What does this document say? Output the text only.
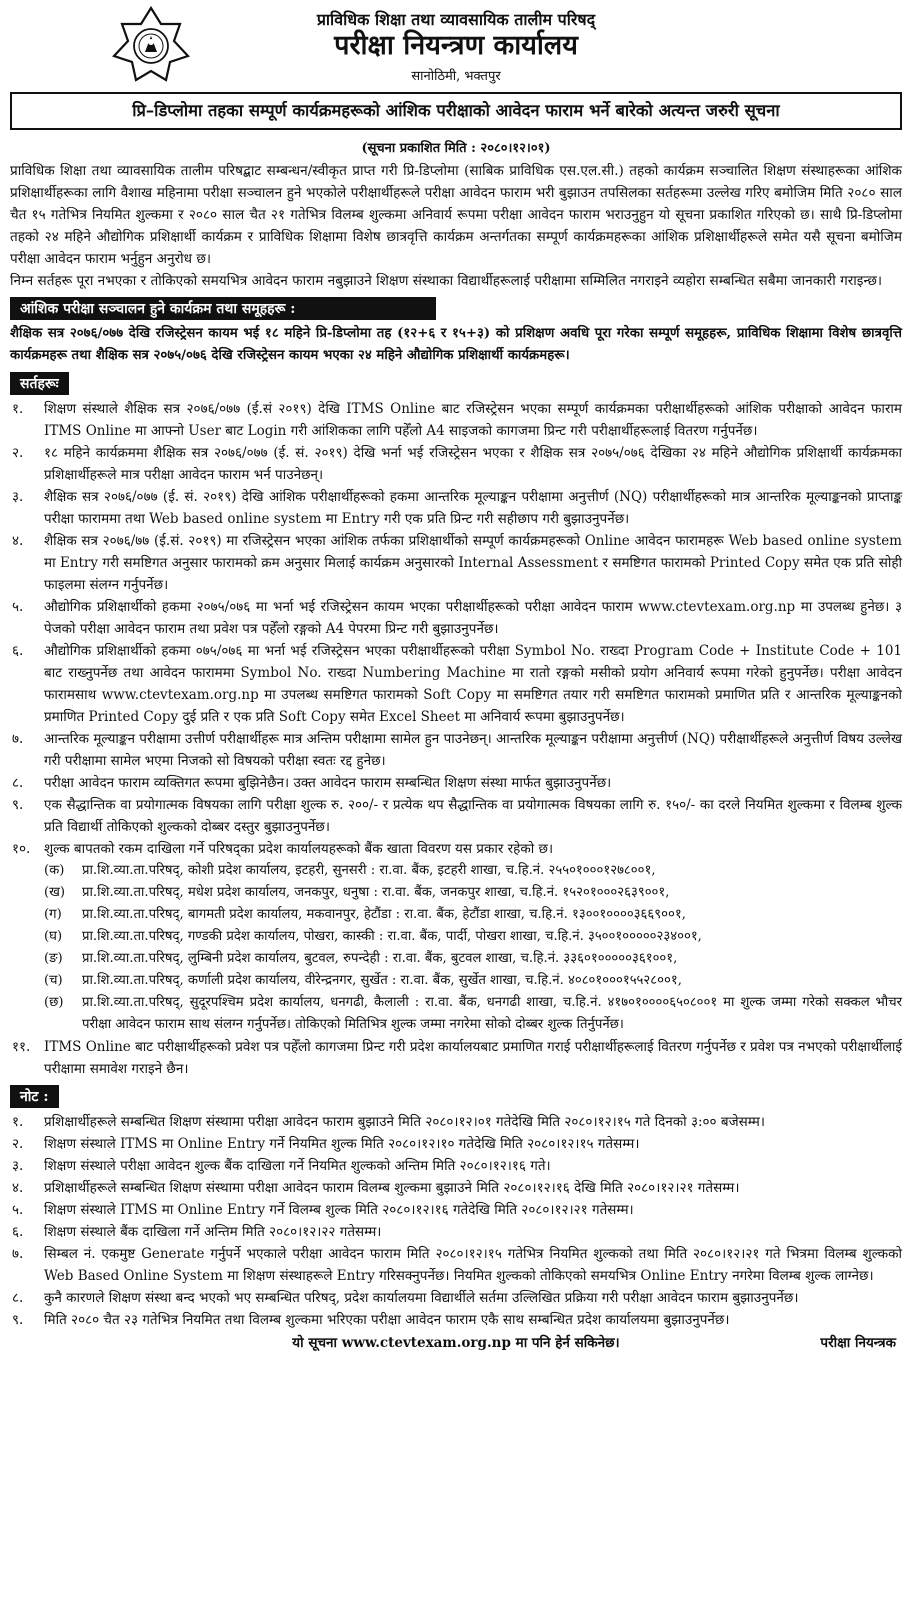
प्राविधिक शिक्षा तथा व्यावसायिक तालीम परिषद्
परीक्षा नियन्त्रण कार्यालय
सानोठिमी, भक्तपुर
प्रि–डिप्लोमा तहका सम्पूर्ण कार्यक्रमहरूको आंशिक परीक्षाको आवेदन फाराम भर्ने बारेको अत्यन्त जरुरी सूचना
(सूचना प्रकाशित मिति : २०८०।१२।०१)

प्राविधिक शिक्षा तथा व्यावसायिक तालीम परिषद्बाट सम्बन्धन/स्वीकृत प्राप्त गरी प्रि-डिप्लोमा (साबिक प्राविधिक एस.एल.सी.) तहको कार्यक्रम सञ्चालित शिक्षण संस्थाहरूका आंशिक प्रशिक्षार्थीहरूका लागि वैशाख महिनामा परीक्षा सञ्चालन हुने भएकोले परीक्षार्थीहरूले परीक्षा आवेदन फाराम भरी बुझाउन तपसिलका सर्तहरूमा उल्लेख गरिए बमोजिम मिति २०८० साल चैत १५ गतेभित्र नियमित शुल्कमा र २०८० साल चैत २१ गतेभित्र विलम्ब शुल्कमा अनिवार्य रूपमा परीक्षा आवेदन फाराम भराउनुहुन यो सूचना प्रकाशित गरिएको छ। साथै प्रि-डिप्लोमा तहको २४ महिने औद्योगिक प्रशिक्षार्थी कार्यक्रम र प्राविधिक शिक्षामा विशेष छात्रवृत्ति कार्यक्रम अन्तर्गतका सम्पूर्ण कार्यक्रमहरूका आंशिक प्रशिक्षार्थीहरूले समेत यसै सूचना बमोजिम परीक्षा आवेदन फाराम भर्नुहुन अनुरोध छ।

निम्न सर्तहरू पूरा नभएका र तोकिएको समयभित्र आवेदन फाराम नबुझाउने शिक्षण संस्थाका विद्यार्थीहरूलाई परीक्षामा सम्मिलित नगराइने व्यहोरा सम्बन्धित सबैमा जानकारी गराइन्छ।

आंशिक परीक्षा सञ्चालन हुने कार्यक्रम तथा समूहहरू :

शैक्षिक सत्र २०७६/०७७ देखि रजिस्ट्रेसन कायम भई १८ महिने प्रि-डिप्लोमा तह (१२+६ र १५+३) को प्रशिक्षण अवधि पूरा गरेका सम्पूर्ण समूहहरू, प्राविधिक शिक्षामा विशेष छात्रवृत्ति कार्यक्रमहरू तथा शैक्षिक सत्र २०७५/०७६ देखि रजिस्ट्रेसन कायम भएका २४ महिने औद्योगिक प्रशिक्षार्थी कार्यक्रमहरू।

सर्तहरूः
१. शिक्षण संस्थाले शैक्षिक सत्र २०७६/०७७ (ई.सं २०१९) देखि ITMS Online बाट रजिस्ट्रेसन भएका सम्पूर्ण कार्यक्रमका परीक्षार्थीहरूको आंशिक परीक्षाको आवेदन फाराम ITMS Online मा आफ्नो User बाट Login गरी आंशिकका लागि पहेँलो A4 साइजको कागजमा प्रिन्ट गरी परीक्षार्थीहरूलाई वितरण गर्नुपर्नेछ।
२. १८ महिने कार्यक्रममा शैक्षिक सत्र २०७६/०७७ (ई. सं. २०१९) देखि भर्ना भई रजिस्ट्रेसन भएका र शैक्षिक सत्र २०७५/०७६ देखिका २४ महिने औद्योगिक प्रशिक्षार्थी कार्यक्रमका प्रशिक्षार्थीहरूले मात्र परीक्षा आवेदन फाराम भर्न पाउनेछन्।
३. शैक्षिक सत्र २०७६/०७७ (ई. सं. २०१९) देखि आंशिक परीक्षार्थीहरूको हकमा आन्तरिक मूल्याङ्कन परीक्षामा अनुत्तीर्ण (NQ) परीक्षार्थीहरूको मात्र आन्तरिक मूल्याङ्कनको प्राप्ताङ्क परीक्षा फाराममा तथा Web based online system मा Entry गरी एक प्रति प्रिन्ट गरी सहीछाप गरी बुझाउनुपर्नेछ।
४. शैक्षिक सत्र २०७६/७७ (ई.सं. २०१९) मा रजिस्ट्रेसन भएका आंशिक तर्फका प्रशिक्षार्थीको सम्पूर्ण कार्यक्रमहरूको Online आवेदन फारामहरू Web based online system मा Entry गरी समष्टिगत अनुसार फारामको क्रम अनुसार मिलाई कार्यक्रम अनुसारको Internal Assessment र समष्टिगत फारामको Printed Copy समेत एक प्रति सोही फाइलमा संलग्न गर्नुपर्नेछ।
५. औद्योगिक प्रशिक्षार्थीको हकमा २०७५/०७६ मा भर्ना भई रजिस्ट्रेसन कायम भएका परीक्षार्थीहरूको परीक्षा आवेदन फाराम www.ctevtexam.org.np मा उपलब्ध हुनेछ। ३ पेजको परीक्षा आवेदन फाराम तथा प्रवेश पत्र पहेँलो रङ्गको A4 पेपरमा प्रिन्ट गरी बुझाउनुपर्नेछ।
६. औद्योगिक प्रशिक्षार्थीको हकमा ०७५/०७६ मा भर्ना भई रजिस्ट्रेसन भएका परीक्षार्थीहरूको परीक्षा Symbol No. राख्दा Program Code + Institute Code + 101 बाट राख्नुपर्नेछ तथा आवेदन फाराममा Symbol No. राख्दा Numbering Machine मा रातो रङ्गको मसीको प्रयोग अनिवार्य रूपमा गरेको हुनुपर्नेछ। परीक्षा आवेदन फारामसाथ www.ctevtexam.org.np मा उपलब्ध समष्टिगत फारामको Soft Copy मा समष्टिगत तयार गरी समष्टिगत फारामको प्रमाणित प्रति र आन्तरिक मूल्याङ्कनको प्रमाणित Printed Copy दुई प्रति र एक प्रति Soft Copy समेत Excel Sheet मा अनिवार्य रूपमा बुझाउनुपर्नेछ।
७. आन्तरिक मूल्याङ्कन परीक्षामा उत्तीर्ण परीक्षार्थीहरू मात्र अन्तिम परीक्षामा सामेल हुन पाउनेछन्। आन्तरिक मूल्याङ्कन परीक्षामा अनुत्तीर्ण (NQ) परीक्षार्थीहरूले अनुत्तीर्ण विषय उल्लेख गरी परीक्षामा सामेल भएमा निजको सो विषयको परीक्षा स्वतः रद्द हुनेछ।
८. परीक्षा आवेदन फाराम व्यक्तिगत रूपमा बुझिनेछैन। उक्त आवेदन फाराम सम्बन्धित शिक्षण संस्था मार्फत बुझाउनुपर्नेछ।
९. एक सैद्धान्तिक वा प्रयोगात्मक विषयका लागि परीक्षा शुल्क रु. २००/- र प्रत्येक थप सैद्धान्तिक वा प्रयोगात्मक विषयका लागि रु. १५०/- का दरले नियमित शुल्कमा र विलम्ब शुल्क प्रति विद्यार्थी तोकिएको शुल्कको दोब्बर दस्तुर बुझाउनुपर्नेछ।
१०. शुल्क बापतको रकम दाखिला गर्ने परिषद्का प्रदेश कार्यालयहरूको बैंक खाता विवरण यस प्रकार रहेको छ।
(क) प्रा.शि.व्या.ता.परिषद्, कोशी प्रदेश कार्यालय, इटहरी, सुनसरी : रा.वा. बैंक, इटहरी शाखा, च.हि.नं. २५५०१०००१२७८००१,
(ख) प्रा.शि.व्या.ता.परिषद्, मधेश प्रदेश कार्यालय, जनकपुर, धनुषा : रा.वा. बैंक, जनकपुर शाखा, च.हि.नं. १५२०१०००२६३९००१,
(ग) प्रा.शि.व्या.ता.परिषद्, बागमती प्रदेश कार्यालय, मकवानपुर, हेटौंडा : रा.वा. बैंक, हेटौंडा शाखा, च.हि.नं. १३००१००००३६६९००१,
(घ) प्रा.शि.व्या.ता.परिषद्, गण्डकी प्रदेश कार्यालय, पोखरा, कास्की : रा.वा. बैंक, पार्दी, पोखरा शाखा, च.हि.नं. ३५००१०००००२३४००१,
(ङ) प्रा.शि.व्या.ता.परिषद्, लुम्बिनी प्रदेश कार्यालय, बुटवल, रुपन्देही : रा.वा. बैंक, बुटवल शाखा, च.हि.नं. ३३६०१०००००३६१००१,
(च) प्रा.शि.व्या.ता.परिषद्, कर्णाली प्रदेश कार्यालय, वीरेन्द्रनगर, सुर्खेत : रा.वा. बैंक, सुर्खेत शाखा, च.हि.नं. ४०८०१०००१५५२८००१,
(छ) प्रा.शि.व्या.ता.परिषद्, सुदूरपश्चिम प्रदेश कार्यालय, धनगढी, कैलाली : रा.वा. बैंक, धनगढी शाखा, च.हि.नं. ४१७०१००००६५०८००१ मा शुल्क जम्मा गरेको सक्कल भौचर परीक्षा आवेदन फाराम साथ संलग्न गर्नुपर्नेछ। तोकिएको मितिभित्र शुल्क जम्मा नगरेमा सोको दोब्बर शुल्क तिर्नुपर्नेछ।
११. ITMS Online बाट परीक्षार्थीहरूको प्रवेश पत्र पहेँलो कागजमा प्रिन्ट गरी प्रदेश कार्यालयबाट प्रमाणित गराई परीक्षार्थीहरूलाई वितरण गर्नुपर्नेछ र प्रवेश पत्र नभएको परीक्षार्थीलाई परीक्षामा समावेश गराइने छैन।
नोट :
१. प्रशिक्षार्थीहरूले सम्बन्धित शिक्षण संस्थामा परीक्षा आवेदन फाराम बुझाउने मिति २०८०।१२।०१ गतेदेखि मिति २०८०।१२।१५ गते दिनको ३:०० बजेसम्म।
२. शिक्षण संस्थाले ITMS मा Online Entry गर्ने नियमित शुल्क मिति २०८०।१२।१० गतेदेखि मिति २०८०।१२।१५ गतेसम्म।
३. शिक्षण संस्थाले परीक्षा आवेदन शुल्क बैंक दाखिला गर्ने नियमित शुल्कको अन्तिम मिति २०८०।१२।१६ गते।
४. प्रशिक्षार्थीहरूले सम्बन्धित शिक्षण संस्थामा परीक्षा आवेदन फाराम विलम्ब शुल्कमा बुझाउने मिति २०८०।१२।१६ देखि मिति २०८०।१२।२१ गतेसम्म।
५. शिक्षण संस्थाले ITMS मा Online Entry गर्ने विलम्ब शुल्क मिति २०८०।१२।१६ गतेदेखि मिति २०८०।१२।२१ गतेसम्म।
६. शिक्षण संस्थाले बैंक दाखिला गर्ने अन्तिम मिति २०८०।१२।२२ गतेसम्म।
७. सिम्बल नं. एकमुष्ट Generate गर्नुपर्ने भएकाले परीक्षा आवेदन फाराम मिति २०८०।१२।१५ गतेभित्र नियमित शुल्कको तथा मिति २०८०।१२।२१ गते भित्रमा विलम्ब शुल्कको Web Based Online System मा शिक्षण संस्थाहरूले Entry गरिसक्नुपर्नेछ। नियमित शुल्कको तोकिएको समयभित्र Online Entry नगरेमा विलम्ब शुल्क लाग्नेछ।
८. कुनै कारणले शिक्षण संस्था बन्द भएको भए सम्बन्धित परिषद्, प्रदेश कार्यालयमा विद्यार्थीले सर्तमा उल्लिखित प्रक्रिया गरी परीक्षा आवेदन फाराम बुझाउनुपर्नेछ।
९. मिति २०८० चैत २३ गतेभित्र नियमित तथा विलम्ब शुल्कमा भरिएका परीक्षा आवेदन फाराम एकै साथ सम्बन्धित प्रदेश कार्यालयमा बुझाउनुपर्नेछ।
यो सूचना www.ctevtexam.org.np मा पनि हेर्न सकिनेछ।	परीक्षा नियन्त्रक
